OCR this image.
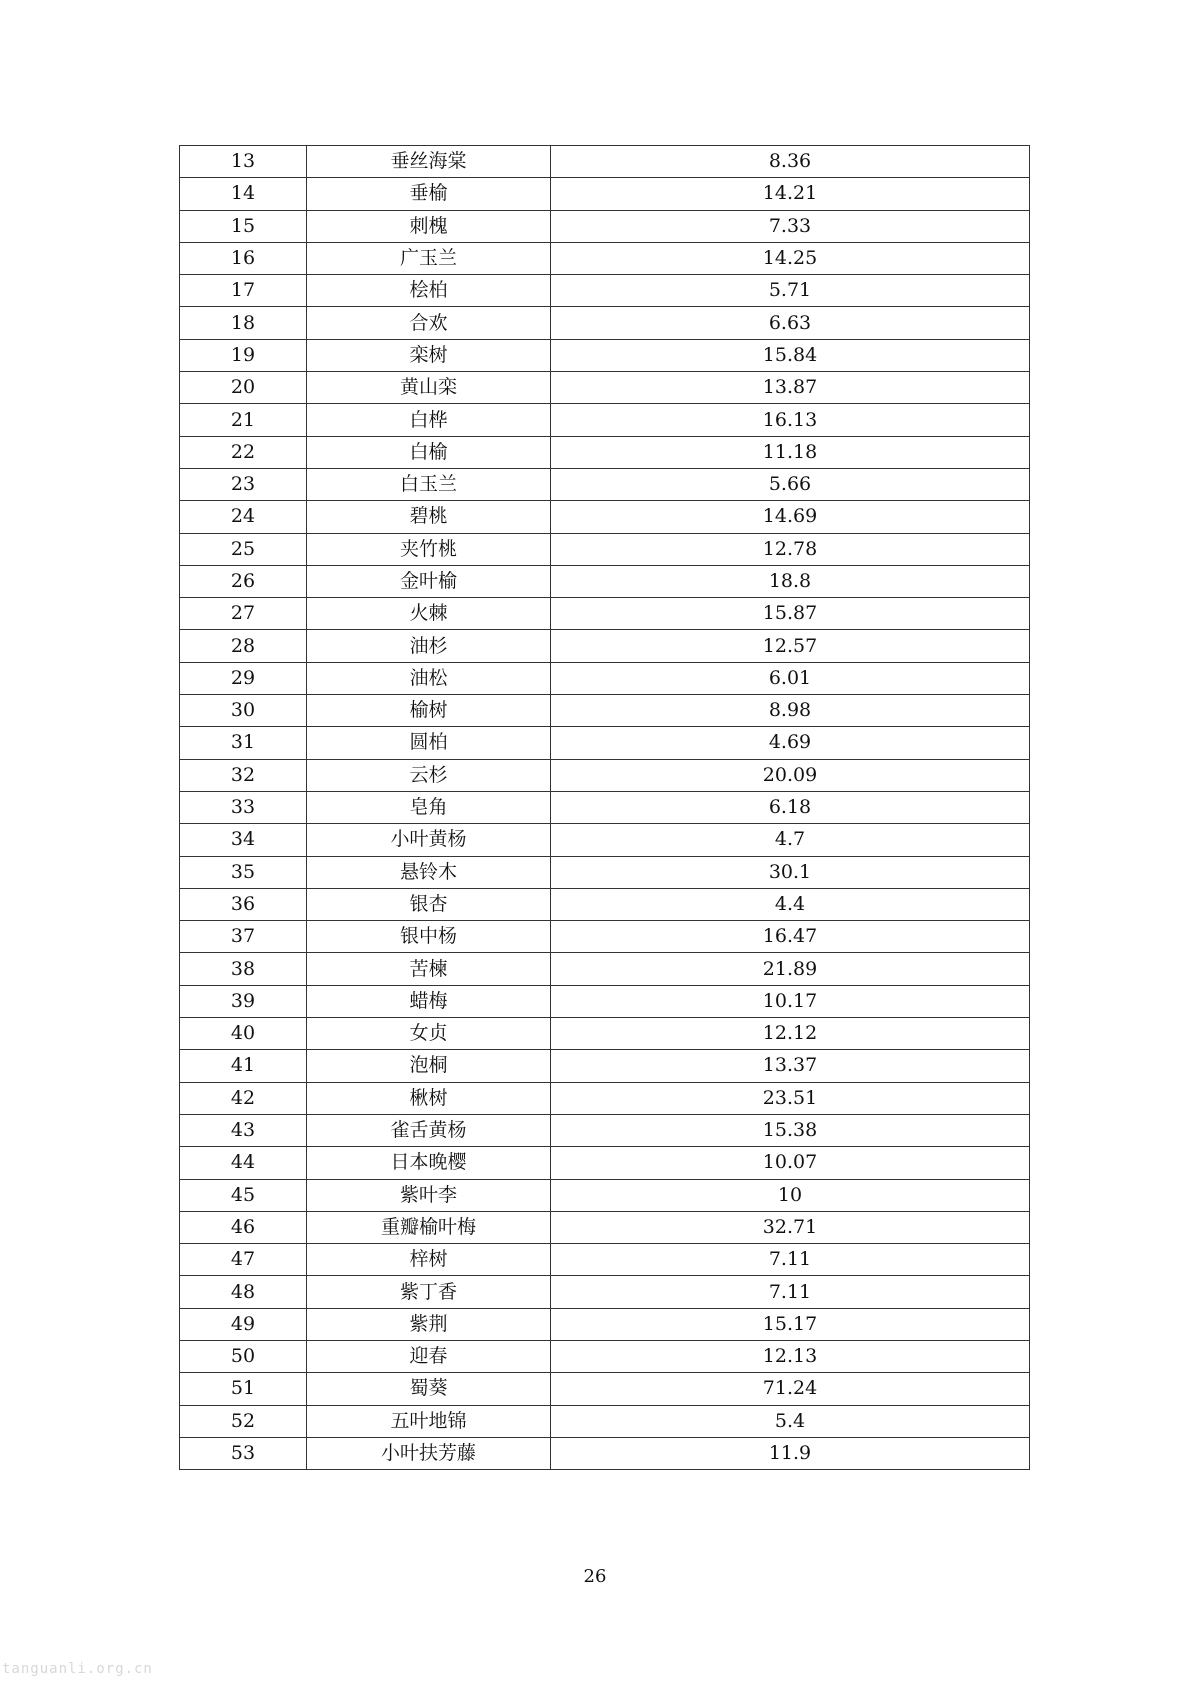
13	垂丝海棠	8.36
14	垂榆	14.21
15	刺槐	7.33
16	广玉兰	14.25
17	桧柏	5.71
18	合欢	6.63
19	栾树	15.84
20	黄山栾	13.87
21	白桦	16.13
22	白榆	11.18
23	白玉兰	5.66
24	碧桃	14.69
25	夹竹桃	12.78
26	金叶榆	18.8
27	火棘	15.87
28	油杉	12.57
29	油松	6.01
30	榆树	8.98
31	圆柏	4.69
32	云杉	20.09
33	皂角	6.18
34	小叶黄杨	4.7
35	悬铃木	30.1
36	银杏	4.4
37	银中杨	16.47
38	苦楝	21.89
39	蜡梅	10.17
40	女贞	12.12
41	泡桐	13.37
42	楸树	23.51
43	雀舌黄杨	15.38
44	日本晚樱	10.07
45	紫叶李	10
46	重瓣榆叶梅	32.71
47	梓树	7.11
48	紫丁香	7.11
49	紫荆	15.17
50	迎春	12.13
51	蜀葵	71.24
52	五叶地锦	5.4
53	小叶扶芳藤	11.9
26
tanguanli.org.cn
